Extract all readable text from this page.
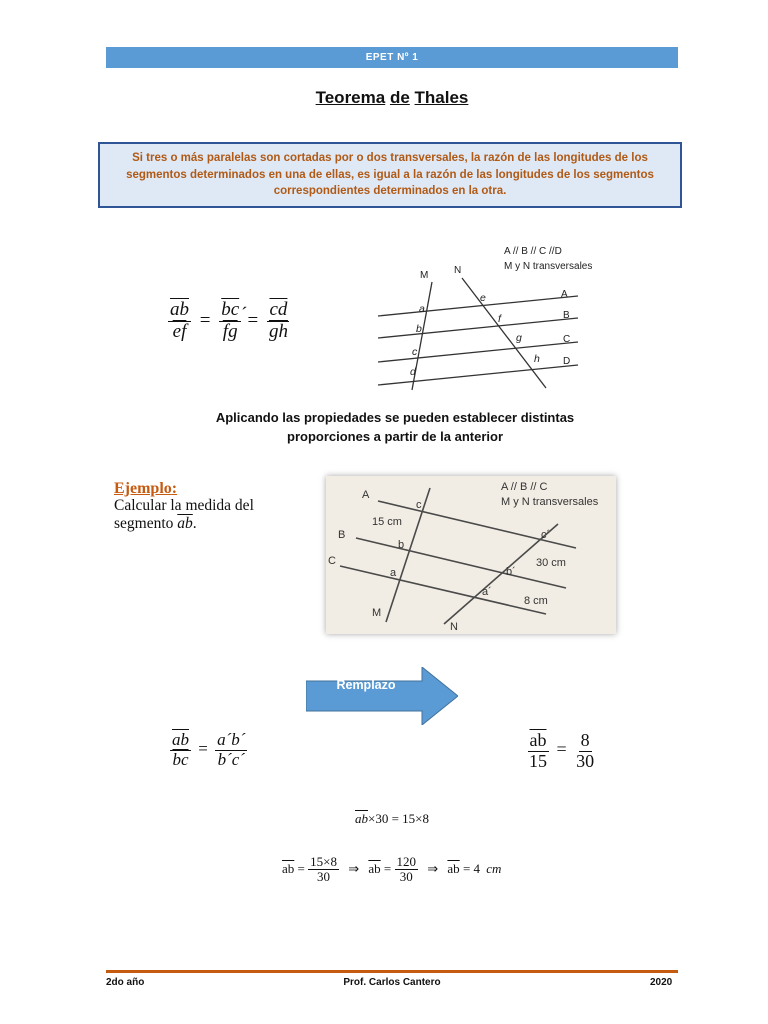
EPET Nº 1
Teorema de Thales

Si tres o más paralelas son cortadas por o dos transversales, la razón de las longitudes de los segmentos determinados en una de ellas, es igual a la razón de las longitudes de los segmentos correspondientes determinados en la otra.

$\frac{\overline{ab}}{ef} = \frac{\overline{bc}}{fg}$ ´= $\frac{\overline{cd}}{gh}$
A // B // C //D
M y N transversales
M	N
A
B
C
D
a
b
c
d
e
f
g
h
Aplicando las propiedades se pueden establecer distintas
proporciones a partir de la anterior
Ejemplo:
Calcular la medida del
segmento $\overline{ab}$.
A // B // C
M y N transversales
A
B
C
M
N
c
b
a
c´
b´
a´
15 cm
30 cm
8 cm
Remplazo
$\frac{\overline{ab}}{bc} = \frac{a´b´}{b´c´}$	$\frac{\overline{ab}}{15} = \frac{8}{30}$
$\overline{ab}\times 30 = 15\times 8$
$\overline{ab} = \frac{15\times 8}{30}$ ⇒ $\overline{ab} = \frac{120}{30}$ ⇒ $\overline{ab} = 4$ cm
2do año	Prof. Carlos Cantero	2020
